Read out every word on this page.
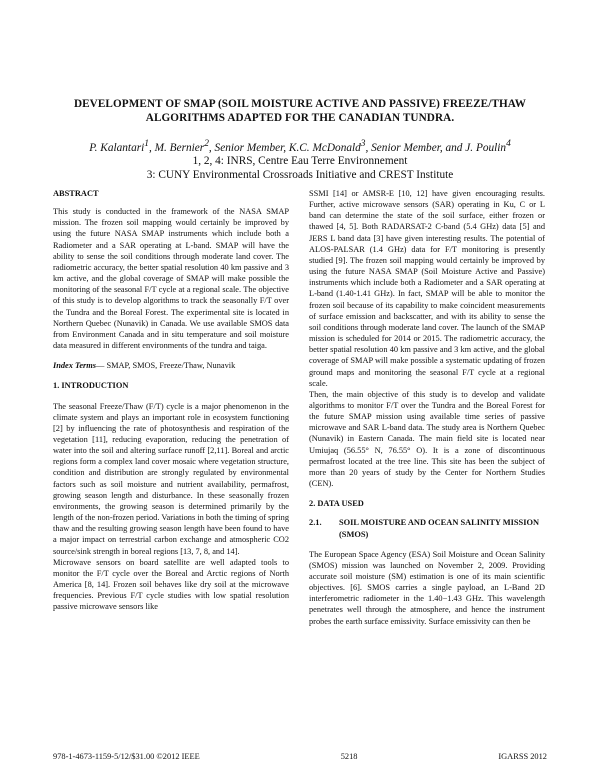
DEVELOPMENT OF SMAP (SOIL MOISTURE ACTIVE AND PASSIVE) FREEZE/THAW ALGORITHMS ADAPTED FOR THE CANADIAN TUNDRA.
P. Kalantari$^1$, M. Bernier$^2$, Senior Member, K.C. McDonald$^3$, Senior Member, and J. Poulin$^4$
1, 2, 4: INRS, Centre Eau Terre Environnement
3: CUNY Environmental Crossroads Initiative and CREST Institute

ABSTRACT

This study is conducted in the framework of the NASA SMAP mission. The frozen soil mapping would certainly be improved by using the future NASA SMAP instruments which include both a Radiometer and a SAR operating at L-band. SMAP will have the ability to sense the soil conditions through moderate land cover. The radiometric accuracy, the better spatial resolution 40 km passive and 3 km active, and the global coverage of SMAP will make possible the monitoring of the seasonal F/T cycle at a regional scale. The objective of this study is to develop algorithms to track the seasonally F/T over the Tundra and the Boreal Forest. The experimental site is located in Northern Quebec (Nunavik) in Canada. We use available SMOS data from Environment Canada and in situ temperature and soil moisture data measured in different environments of the tundra and taiga.

Index Terms— SMAP, SMOS, Freeze/Thaw, Nunavik

1. INTRODUCTION

The seasonal Freeze/Thaw (F/T) cycle is a major phenomenon in the climate system and plays an important role in ecosystem functioning [2] by influencing the rate of photosynthesis and respiration of the vegetation [11], reducing evaporation, reducing the penetration of water into the soil and altering surface runoff [2,11]. Boreal and arctic regions form a complex land cover mosaic where vegetation structure, condition and distribution are strongly regulated by environmental factors such as soil moisture and nutrient availability, permafrost, growing season length and disturbance. In these seasonally frozen environments, the growing season is determined primarily by the length of the non-frozen period. Variations in both the timing of spring thaw and the resulting growing season length have been found to have a major impact on terrestrial carbon exchange and atmospheric CO2 source/sink strength in boreal regions [13, 7, 8, and 14].

Microwave sensors on board satellite are well adapted tools to monitor the F/T cycle over the Boreal and Arctic regions of North America [8, 14]. Frozen soil behaves like dry soil at the microwave frequencies. Previous F/T cycle studies with low spatial resolution passive microwave sensors like

SSMI [14] or AMSR-E [10, 12] have given encouraging results. Further, active microwave sensors (SAR) operating in Ku, C or L band can determine the state of the soil surface, either frozen or thawed [4, 5]. Both RADARSAT-2 C-band (5.4 GHz) data [5] and JERS L band data [3] have given interesting results. The potential of ALOS-PALSAR (1.4 GHz) data for F/T monitoring is presently studied [9]. The frozen soil mapping would certainly be improved by using the future NASA SMAP (Soil Moisture Active and Passive) instruments which include both a Radiometer and a SAR operating at L-band (1.40-1.41 GHz). In fact, SMAP will be able to monitor the frozen soil because of its capability to make coincident measurements of surface emission and backscatter, and with its ability to sense the soil conditions through moderate land cover. The launch of the SMAP mission is scheduled for 2014 or 2015. The radiometric accuracy, the better spatial resolution 40 km passive and 3 km active, and the global coverage of SMAP will make possible a systematic updating of frozen ground maps and monitoring the seasonal F/T cycle at a regional scale.

Then, the main objective of this study is to develop and validate algorithms to monitor F/T over the Tundra and the Boreal Forest for the future SMAP mission using available time series of passive microwave and SAR L-band data. The study area is Northern Quebec (Nunavik) in Eastern Canada. The main field site is located near Umiujaq (56.55° N, 76.55° O). It is a zone of discontinuous permafrost located at the tree line. This site has been the subject of more than 20 years of study by the Center for Northern Studies (CEN).

2. DATA USED

2.1.	SOIL MOISTURE AND OCEAN SALINITY MISSION (SMOS)

The European Space Agency (ESA) Soil Moisture and Ocean Salinity (SMOS) mission was launched on November 2, 2009. Providing accurate soil moisture (SM) estimation is one of its main scientific objectives. [6]. SMOS carries a single payload, an L-Band 2D interferometric radiometer in the 1.40−1.43 GHz. This wavelength penetrates well through the atmosphere, and hence the instrument probes the earth surface emissivity. Surface emissivity can then be

978-1-4673-1159-5/12/$31.00 ©2012 IEEE	5218	IGARSS 2012
